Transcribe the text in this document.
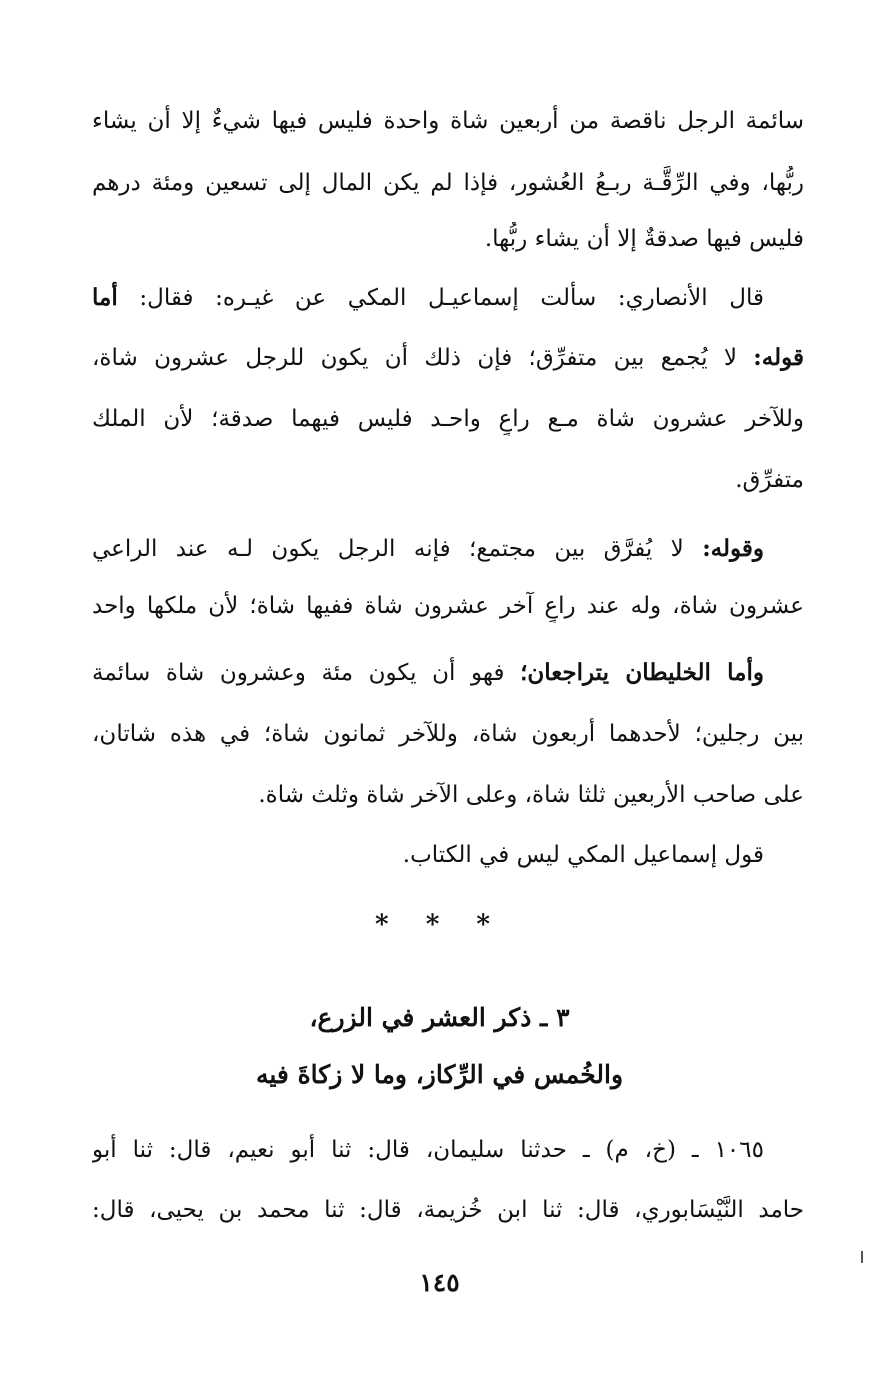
سائمة الرجل ناقصة من أربعين شاة واحدة فليس فيها شيءٌ إلا أن يشاء
ربُّها، وفي الرِّقَّـة ربـعُ العُشور، فإذا لم يكن المال إلى تسعين ومئة درهم
فليس فيها صدقةٌ إلا أن يشاء ربُّها.
قال الأنصاري: سألت إسماعيـل المكي عن غيـره: فقال: أما
قوله: لا يُجمع بين متفرِّق؛ فإن ذلك أن يكون للرجل عشرون شاة،
وللآخر عشرون شاة مـع راعٍ واحـد فليس فيهما صدقة؛ لأن الملك
متفرِّق.
وقوله: لا يُفرَّق بين مجتمع؛ فإنه الرجل يكون لـه عند الراعي
عشرون شاة، وله عند راعٍ آخر عشرون شاة ففيها شاة؛ لأن ملكها واحد
وأما الخليطان يتراجعان؛ فهو أن يكون مئة وعشرون شاة سائمة
بين رجلين؛ لأحدهما أربعون شاة، وللآخر ثمانون شاة؛ في هذه شاتان،
على صاحب الأربعين ثلثا شاة، وعلى الآخر شاة وثلث شاة.
قول إسماعيل المكي ليس في الكتاب.
* * *
٣ ـ ذكر العشر في الزرع،
والخُمس في الرِّكاز، وما لا زكاةَ فيه
١٠٦٥ ـ (خ، م) ـ حدثنا سليمان، قال: ثنا أبو نعيم، قال: ثنا أبو
حامد النَّيْسَابوري، قال: ثنا ابن خُزيمة، قال: ثنا محمد بن يحيى، قال:
١٤٥
